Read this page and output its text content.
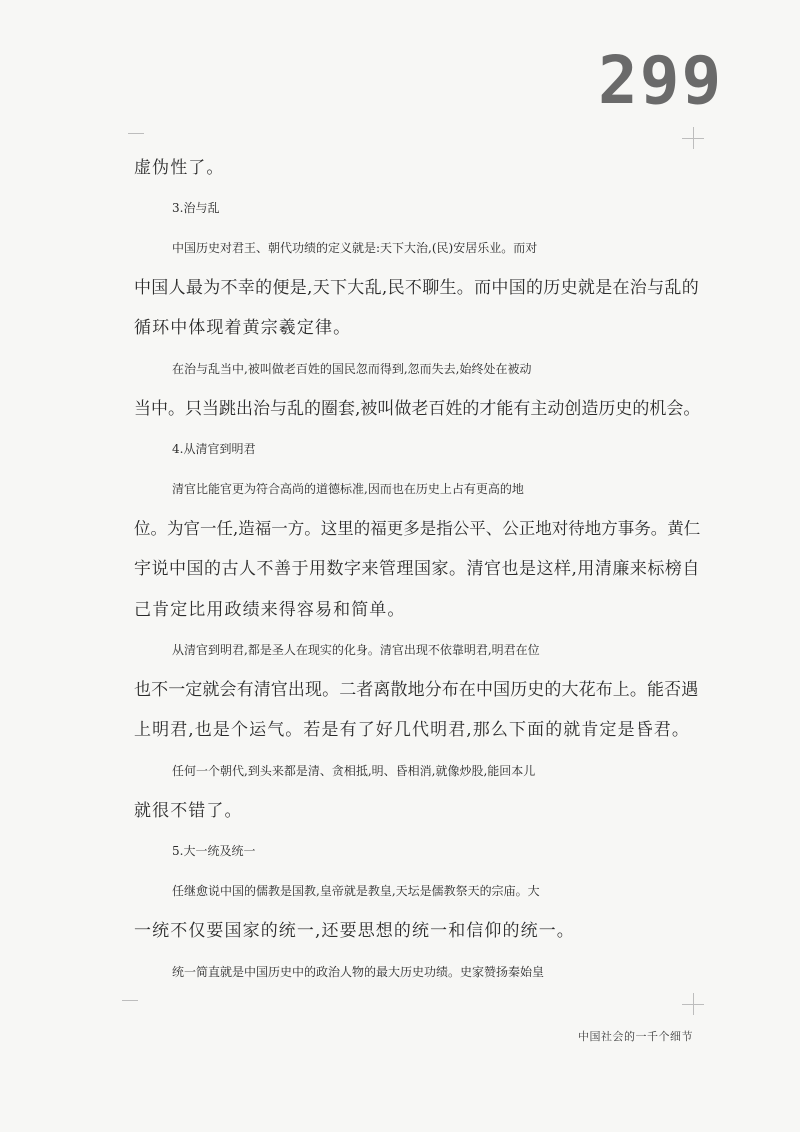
299
虚伪性了。
3.治与乱
中国历史对君王、朝代功绩的定义就是:天下大治,(民)安居乐业。而对
中国人最为不幸的便是,天下大乱,民不聊生。而中国的历史就是在治与乱的
循环中体现着黄宗羲定律。
在治与乱当中,被叫做老百姓的国民忽而得到,忽而失去,始终处在被动
当中。只当跳出治与乱的圈套,被叫做老百姓的才能有主动创造历史的机会。
4.从清官到明君
清官比能官更为符合高尚的道德标准,因而也在历史上占有更高的地
位。为官一任,造福一方。这里的福更多是指公平、公正地对待地方事务。黄仁
宇说中国的古人不善于用数字来管理国家。清官也是这样,用清廉来标榜自
己肯定比用政绩来得容易和简单。
从清官到明君,都是圣人在现实的化身。清官出现不依靠明君,明君在位
也不一定就会有清官出现。二者离散地分布在中国历史的大花布上。能否遇
上明君,也是个运气。若是有了好几代明君,那么下面的就肯定是昏君。
任何一个朝代,到头来都是清、贪相抵,明、昏相消,就像炒股,能回本儿
就很不错了。
5.大一统及统一
任继愈说中国的儒教是国教,皇帝就是教皇,天坛是儒教祭天的宗庙。大
一统不仅要国家的统一,还要思想的统一和信仰的统一。
统一简直就是中国历史中的政治人物的最大历史功绩。史家赞扬秦始皇
中国社会的一千个细节
